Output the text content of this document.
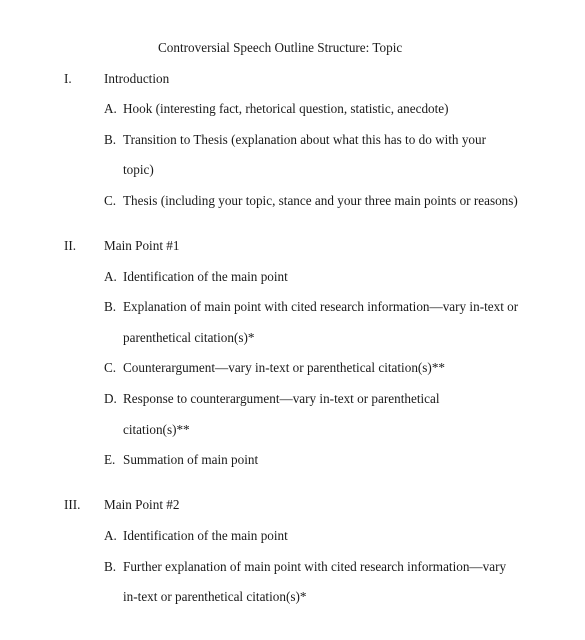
Controversial Speech Outline Structure: Topic
I. Introduction
A. Hook (interesting fact, rhetorical question, statistic, anecdote)
B. Transition to Thesis (explanation about what this has to do with your
topic)
C. Thesis (including your topic, stance and your three main points or reasons)
II. Main Point #1
A. Identification of the main point
B. Explanation of main point with cited research information—vary in-text or
parenthetical citation(s)*
C. Counterargument—vary in-text or parenthetical citation(s)**
D. Response to counterargument—vary in-text or parenthetical
citation(s)**
E. Summation of main point
III. Main Point #2
A. Identification of the main point
B. Further explanation of main point with cited research information—vary
in-text or parenthetical citation(s)*
